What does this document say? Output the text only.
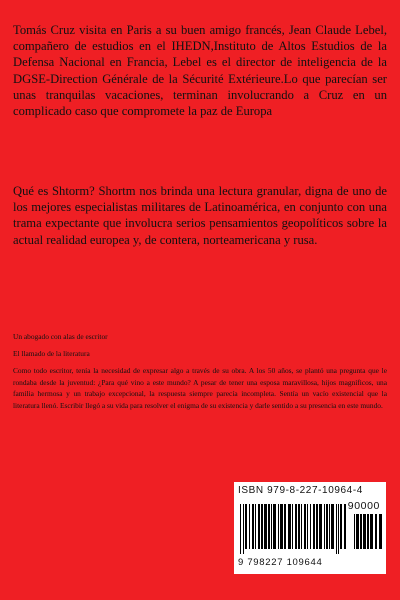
Tomás Cruz visita en Paris a su buen amigo francés, Jean Claude Lebel, compañero de estudios en el IHEDN,Instituto de Altos Estudios de la Defensa Nacional en Francia, Lebel es el director de inteligencia de la DGSE-Direction Générale de la Sécurité Extérieure.Lo que parecían ser unas tranquilas vacaciones, terminan involucrando a Cruz en un complicado caso que compromete la paz de Europa

Qué es Shtorm? Shortm nos brinda una lectura granular, digna de uno de los mejores especialistas militares de Latinoamérica, en conjunto con una trama expectante que involucra serios pensamientos geopolíticos sobre la actual realidad europea y, de contera, norteamericana y rusa.

Un abogado con alas de escritor

El llamado de la literatura

Como todo escritor, tenía la necesidad de expresar algo a través de su obra. A los 50 años, se plantó una pregunta que le rondaba desde la juventud: ¿Para qué vino a este mundo? A pesar de tener una esposa maravillosa, hijos magníficos, una familia hermosa y un trabajo excepcional, la respuesta siempre parecía incompleta. Sentía un vacío existencial que la literatura llenó. Escribir llegó a su vida para resolver el enigma de su existencia y darle sentido a su presencia en este mundo.

ISBN 979-8-227-10964-4
90000
9 798227 109644
